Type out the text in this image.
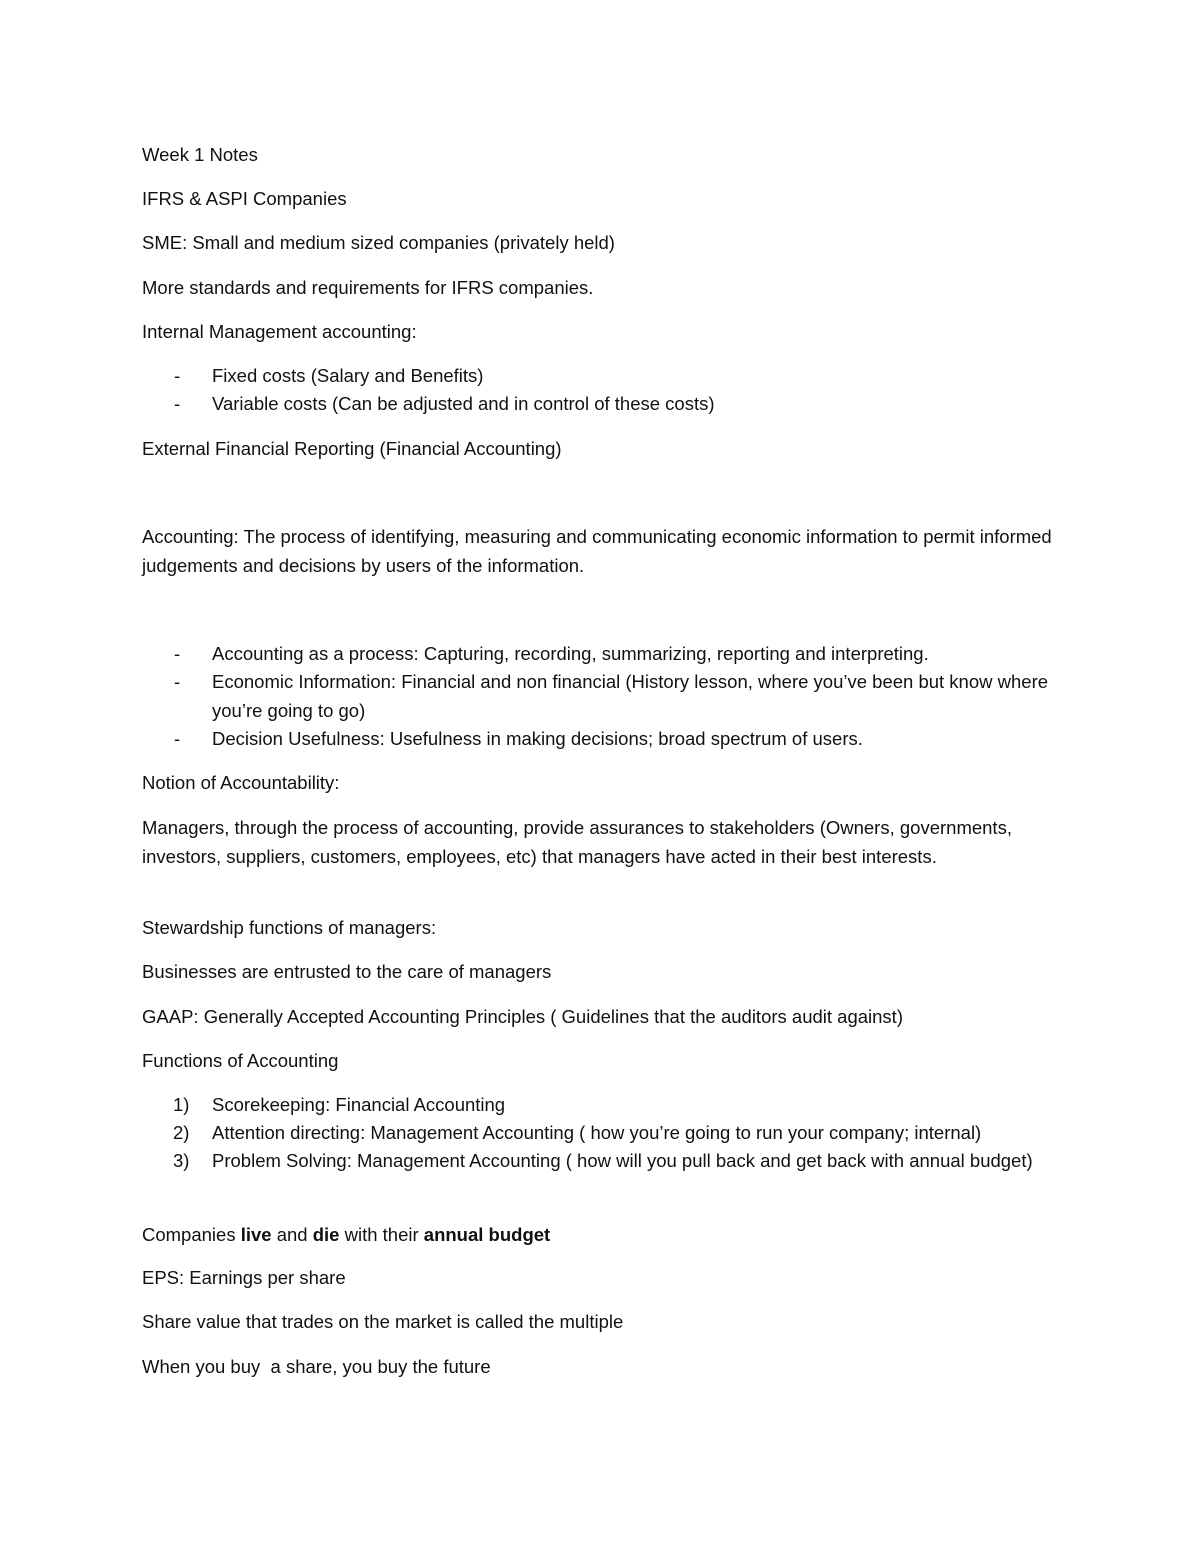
Week 1 Notes

IFRS & ASPI Companies

SME: Small and medium sized companies (privately held)

More standards and requirements for IFRS companies.

Internal Management accounting:

- Fixed costs (Salary and Benefits)
- Variable costs (Can be adjusted and in control of these costs)

External Financial Reporting (Financial Accounting)

Accounting: The process of identifying, measuring and communicating economic information to permit informed judgements and decisions by users of the information.

- Accounting as a process: Capturing, recording, summarizing, reporting and interpreting.
- Economic Information: Financial and non financial (History lesson, where you’ve been but know where you’re going to go)
- Decision Usefulness: Usefulness in making decisions; broad spectrum of users.

Notion of Accountability:

Managers, through the process of accounting, provide assurances to stakeholders (Owners, governments, investors, suppliers, customers, employees, etc) that managers have acted in their best interests.

Stewardship functions of managers:

Businesses are entrusted to the care of managers

GAAP: Generally Accepted Accounting Principles ( Guidelines that the auditors audit against)

Functions of Accounting

1) Scorekeeping: Financial Accounting
2) Attention directing: Management Accounting ( how you’re going to run your company; internal)
3) Problem Solving: Management Accounting ( how will you pull back and get back with annual budget)

Companies live and die with their annual budget

EPS: Earnings per share

Share value that trades on the market is called the multiple

When you buy  a share, you buy the future
